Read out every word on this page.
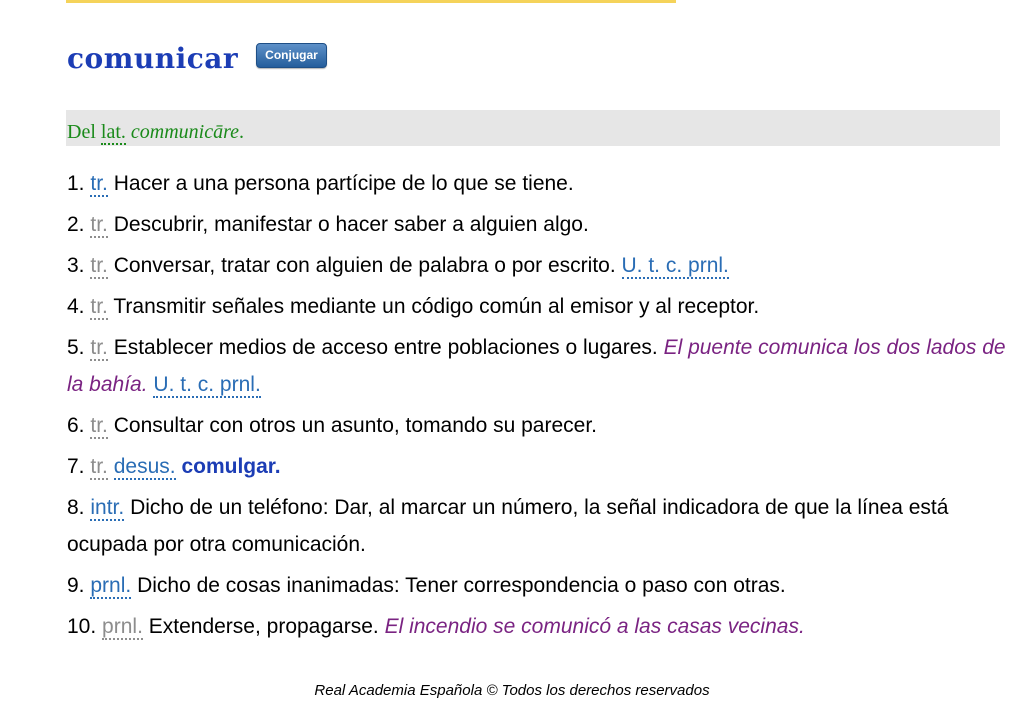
comunicar	Conjugar
Del lat. communicāre.
1. tr. Hacer a una persona partícipe de lo que se tiene.
2. tr. Descubrir, manifestar o hacer saber a alguien algo.
3. tr. Conversar, tratar con alguien de palabra o por escrito. U. t. c. prnl.
4. tr. Transmitir señales mediante un código común al emisor y al receptor.
5. tr. Establecer medios de acceso entre poblaciones o lugares. El puente comunica los dos lados de la bahía. U. t. c. prnl.
6. tr. Consultar con otros un asunto, tomando su parecer.
7. tr. desus. comulgar.
8. intr. Dicho de un teléfono: Dar, al marcar un número, la señal indicadora de que la línea está ocupada por otra comunicación.
9. prnl. Dicho de cosas inanimadas: Tener correspondencia o paso con otras.
10. prnl. Extenderse, propagarse. El incendio se comunicó a las casas vecinas.
Real Academia Española © Todos los derechos reservados
